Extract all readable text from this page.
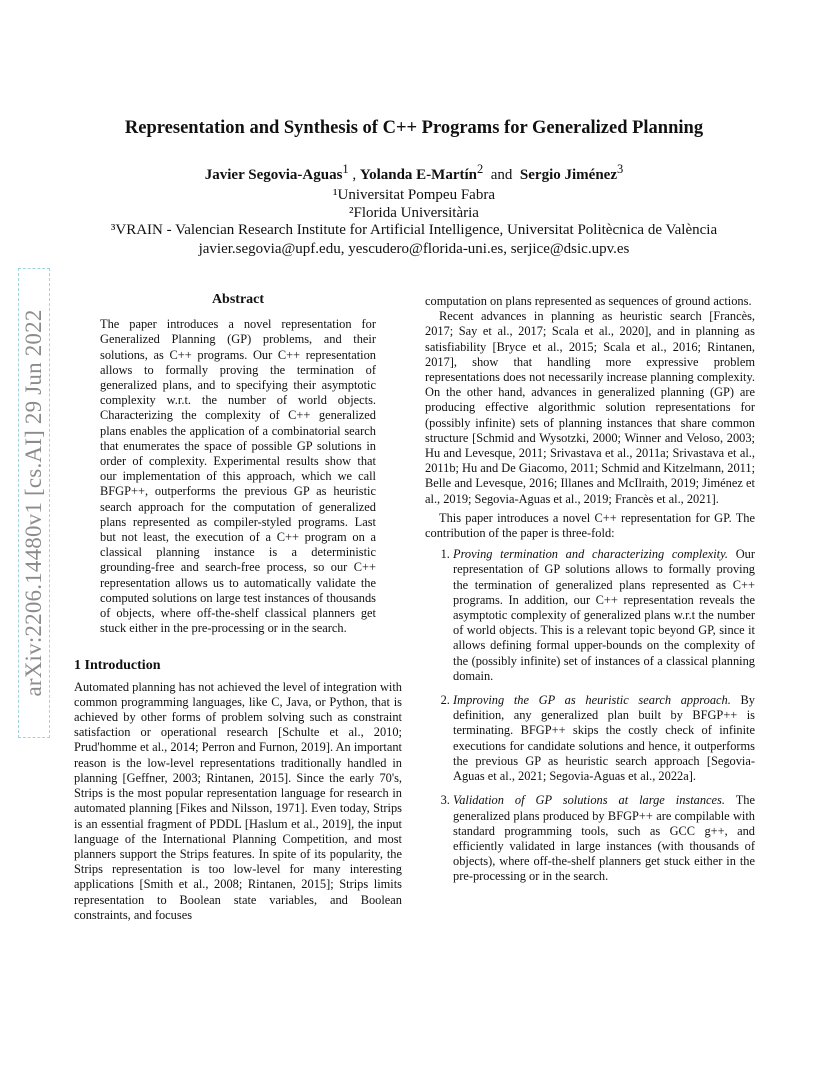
arXiv:2206.14480v1 [cs.AI] 29 Jun 2022
Representation and Synthesis of C++ Programs for Generalized Planning
Javier Segovia-Aguas$^1$ , Yolanda E-Martín$^2$ and Sergio Jiménez$^3$
¹Universitat Pompeu Fabra
²Florida Universitària
³VRAIN - Valencian Research Institute for Artificial Intelligence, Universitat Politècnica de València
javier.segovia@upf.edu, yescudero@florida-uni.es, serjice@dsic.upv.es
Abstract

The paper introduces a novel representation for Generalized Planning (GP) problems, and their solutions, as C++ programs. Our C++ representation allows to formally proving the termination of generalized plans, and to specifying their asymptotic complexity w.r.t. the number of world objects. Characterizing the complexity of C++ generalized plans enables the application of a combinatorial search that enumerates the space of possible GP solutions in order of complexity. Experimental results show that our implementation of this approach, which we call BFGP++, outperforms the previous GP as heuristic search approach for the computation of generalized plans represented as compiler-styled programs. Last but not least, the execution of a C++ program on a classical planning instance is a deterministic grounding-free and search-free process, so our C++ representation allows us to automatically validate the computed solutions on large test instances of thousands of objects, where off-the-shelf classical planners get stuck either in the pre-processing or in the search.

1 Introduction

Automated planning has not achieved the level of integration with common programming languages, like C, Java, or Python, that is achieved by other forms of problem solving such as constraint satisfaction or operational research [Schulte et al., 2010; Prud'homme et al., 2014; Perron and Furnon, 2019]. An important reason is the low-level representations traditionally handled in planning [Geffner, 2003; Rintanen, 2015]. Since the early 70's, Strips is the most popular representation language for research in automated planning [Fikes and Nilsson, 1971]. Even today, Strips is an essential fragment of PDDL [Haslum et al., 2019], the input language of the International Planning Competition, and most planners support the Strips features. In spite of its popularity, the Strips representation is too low-level for many interesting applications [Smith et al., 2008; Rintanen, 2015]; Strips limits representation to Boolean state variables, and Boolean constraints, and focuses

computation on plans represented as sequences of ground actions.

Recent advances in planning as heuristic search [Francès, 2017; Say et al., 2017; Scala et al., 2020], and in planning as satisfiability [Bryce et al., 2015; Scala et al., 2016; Rintanen, 2017], show that handling more expressive problem representations does not necessarily increase planning complexity. On the other hand, advances in generalized planning (GP) are producing effective algorithmic solution representations for (possibly infinite) sets of planning instances that share common structure [Schmid and Wysotzki, 2000; Winner and Veloso, 2003; Hu and Levesque, 2011; Srivastava et al., 2011a; Srivastava et al., 2011b; Hu and De Giacomo, 2011; Schmid and Kitzelmann, 2011; Belle and Levesque, 2016; Illanes and McIlraith, 2019; Jiménez et al., 2019; Segovia-Aguas et al., 2019; Francès et al., 2021].

This paper introduces a novel C++ representation for GP. The contribution of the paper is three-fold:

1. Proving termination and characterizing complexity. Our representation of GP solutions allows to formally proving the termination of generalized plans represented as C++ programs. In addition, our C++ representation reveals the asymptotic complexity of generalized plans w.r.t the number of world objects. This is a relevant topic beyond GP, since it allows defining formal upper-bounds on the complexity of the (possibly infinite) set of instances of a classical planning domain.
2. Improving the GP as heuristic search approach. By definition, any generalized plan built by BFGP++ is terminating. BFGP++ skips the costly check of infinite executions for candidate solutions and hence, it outperforms the previous GP as heuristic search approach [Segovia-Aguas et al., 2021; Segovia-Aguas et al., 2022a].
3. Validation of GP solutions at large instances. The generalized plans produced by BFGP++ are compilable with standard programming tools, such as GCC g++, and efficiently validated in large instances (with thousands of objects), where off-the-shelf planners get stuck either in the pre-processing or in the search.
